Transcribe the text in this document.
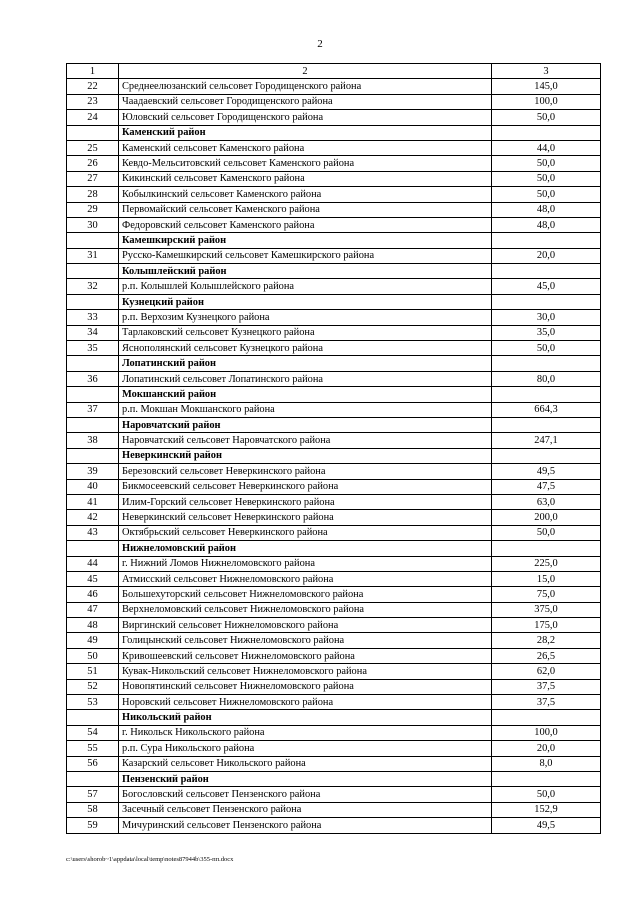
2
1	2	3
22	Среднеелюзанский сельсовет Городищенского района	145,0
23	Чаадаевский сельсовет Городищенского района	100,0
24	Юловский сельсовет Городищенского района	50,0
	Каменский район	
25	Каменский сельсовет Каменского района	44,0
26	Кевдо-Мельситовский сельсовет Каменского района	50,0
27	Кикинский сельсовет Каменского района	50,0
28	Кобылкинский сельсовет Каменского района	50,0
29	Первомайский сельсовет Каменского района	48,0
30	Федоровский сельсовет Каменского района	48,0
	Камешкирский район	
31	Русско-Камешкирский сельсовет Камешкирского района	20,0
	Колышлейский район	
32	р.п. Колышлей Колышлейского района	45,0
	Кузнецкий район	
33	р.п. Верхозим Кузнецкого района	30,0
34	Тарлаковский сельсовет Кузнецкого района	35,0
35	Яснополянский сельсовет Кузнецкого района	50,0
	Лопатинский район	
36	Лопатинский сельсовет Лопатинского района	80,0
	Мокшанский район	
37	р.п. Мокшан Мокшанского района	664,3
	Наровчатский район	
38	Наровчатский сельсовет Наровчатского района	247,1
	Неверкинский район	
39	Березовский сельсовет Неверкинского района	49,5
40	Бикмосеевский сельсовет Неверкинского района	47,5
41	Илим-Горский сельсовет Неверкинского района	63,0
42	Неверкинский сельсовет Неверкинского района	200,0
43	Октябрьский сельсовет Неверкинского района	50,0
	Нижнеломовский район	
44	г. Нижний Ломов Нижнеломовского района	225,0
45	Атмисский сельсовет Нижнеломовского района	15,0
46	Большехуторский сельсовет Нижнеломовского района	75,0
47	Верхнеломовский сельсовет Нижнеломовского района	375,0
48	Виргинский сельсовет Нижнеломовского района	175,0
49	Голицынский сельсовет Нижнеломовского района	28,2
50	Кривошеевский сельсовет Нижнеломовского района	26,5
51	Кувак-Никольский сельсовет Нижнеломовского района	62,0
52	Новопятинский сельсовет Нижнеломовского района	37,5
53	Норовский сельсовет Нижнеломовского района	37,5
	Никольский район	
54	г. Никольск Никольского района	100,0
55	р.п. Сура Никольского района	20,0
56	Казарский сельсовет Никольского района	8,0
	Пензенский район	
57	Богословский сельсовет Пензенского района	50,0
58	Засечный сельсовет Пензенского района	152,9
59	Мичуринский сельсовет Пензенского района	49,5
c:\users\shorob~1\appdata\local\temp\notes87944b\355-пп.docx
